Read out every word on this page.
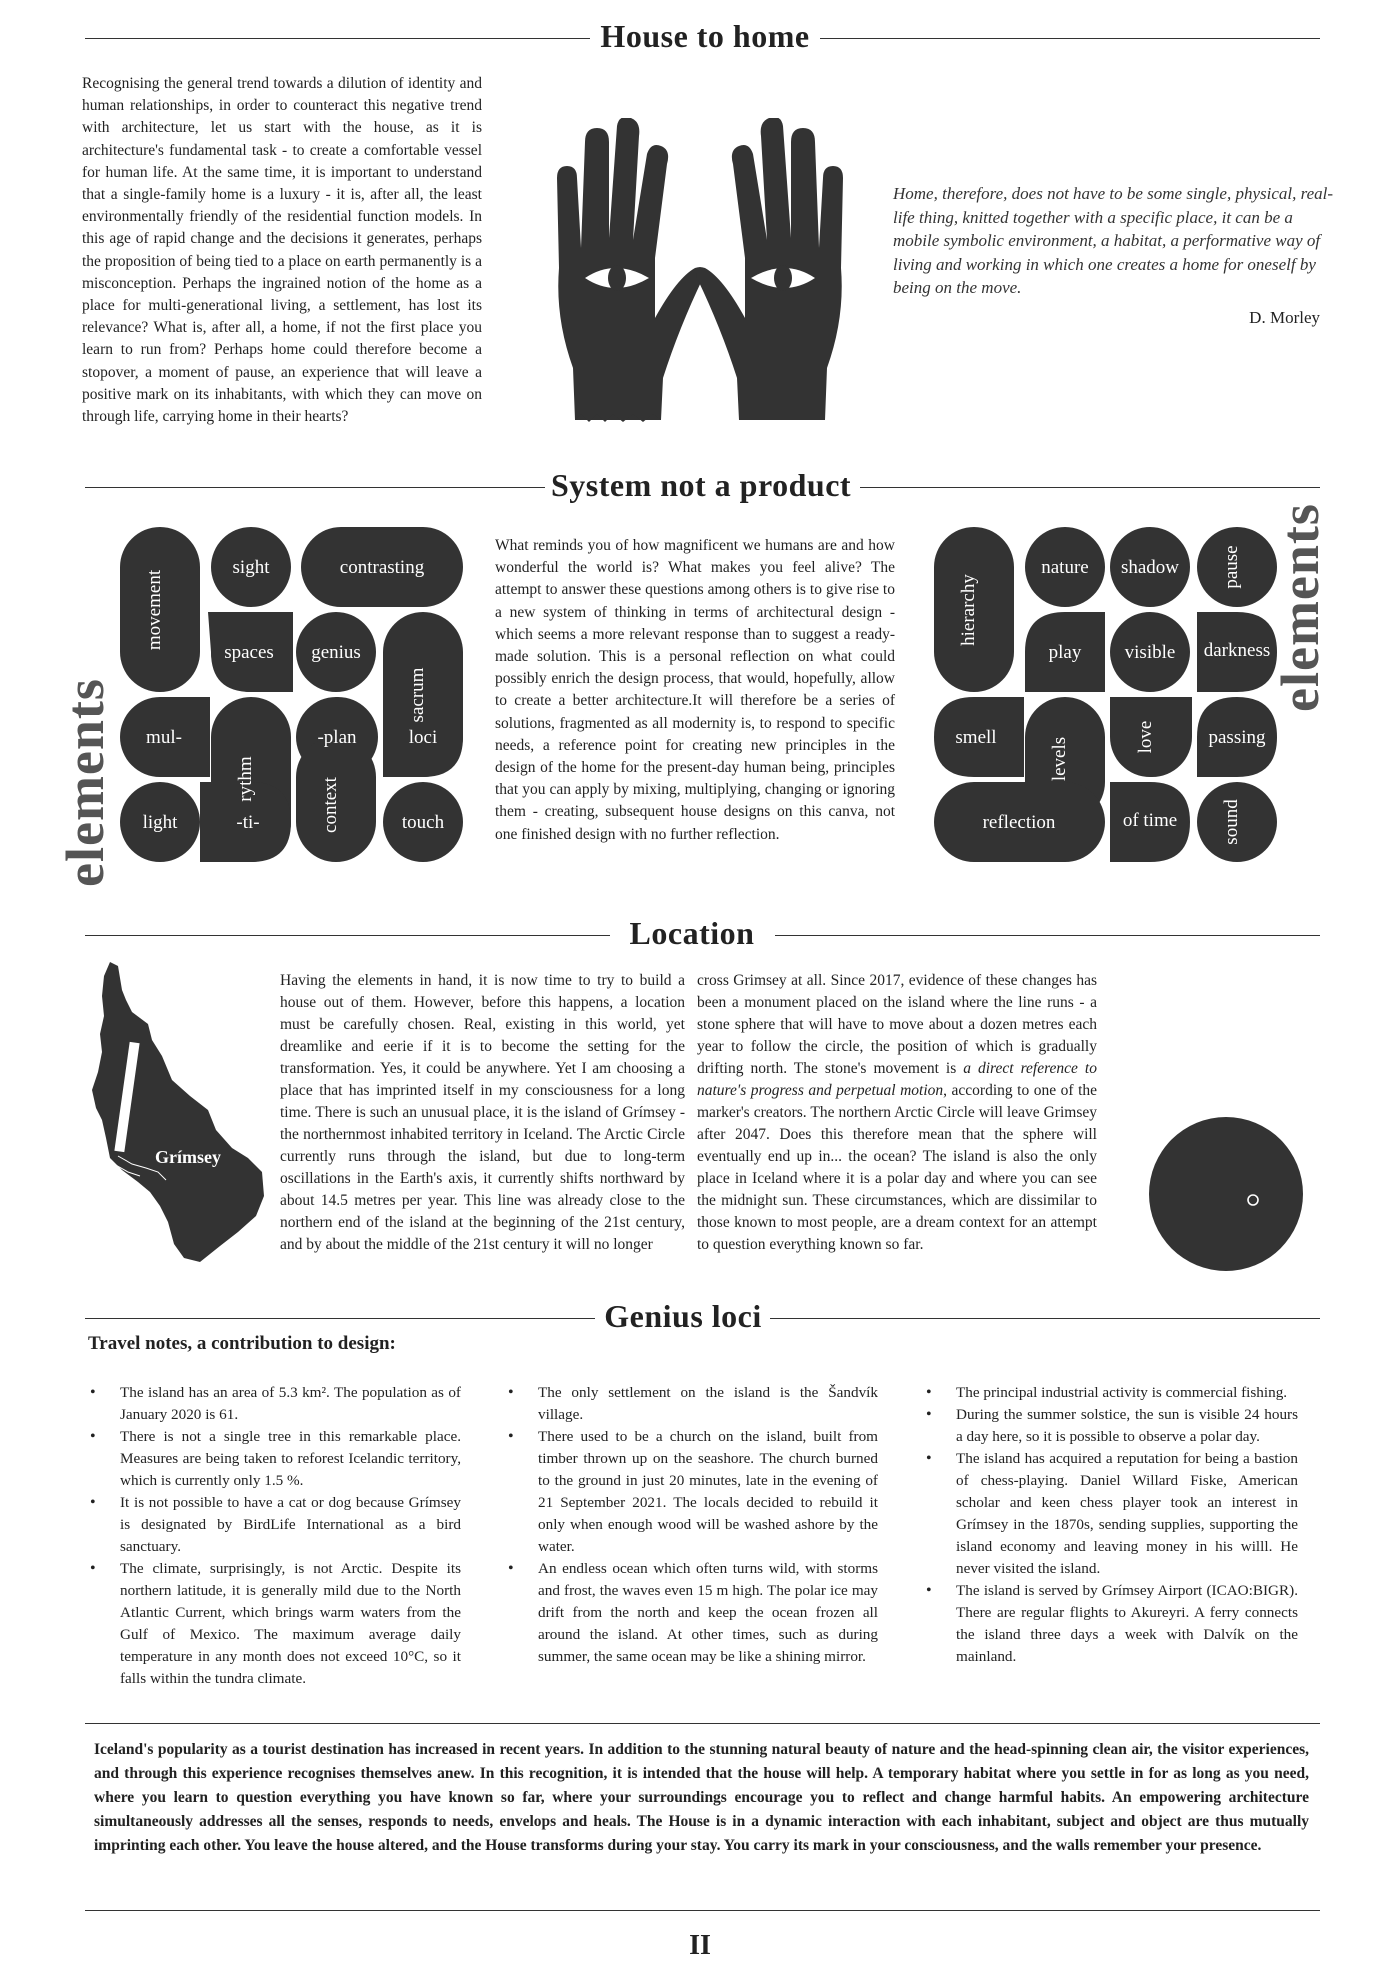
House to home
Recognising the general trend towards a dilution of identity and human relationships, in order to counteract this negative trend with architecture, let us start with the house, as it is architecture's fundamental task - to create a comfortable vessel for human life. At the same time, it is important to understand that a single-family home is a luxury - it is, after all, the least environmentally friendly of the residential function models. In this age of rapid change and the decisions it generates, perhaps the proposition of being tied to a place on earth permanently is a misconception. Perhaps the ingrained notion of the home as a place for multi-generational living, a settlement, has lost its relevance? What is, after all, a home, if not the first place you learn to run from? Perhaps home could therefore become a stopover, a moment of pause, an experience that will leave a positive mark on its inhabitants, with which they can move on through life, carrying home in their hearts?
Home, therefore, does not have to be some single, physical, real-life thing, knitted together with a specific place, it can be a mobile symbolic environment, a habitat, a performative way of living and working in which one creates a home for oneself by being on the move.
D. Morley
System not a product
movement
sight	contrasting
spaces genius
sacrum
mul-
rythm
-plan	loci
light	-ti-	context	touch
elements
What reminds you of how magnificent we humans are and how wonderful the world is? What makes you feel alive? The attempt to answer these questions among others is to give rise to a new system of thinking in terms of architectural design - which seems a more relevant response than to suggest a ready-made solution. This is a personal reflection on what could possibly enrich the design process, that would, hopefully, allow to create a better architecture.It will therefore be a series of solutions, fragmented as all modernity is, to respond to specific needs, a reference point for creating new principles in the design of the home for the present-day human being, principles that you can apply by mixing, multiplying, changing or ignoring them - creating, subsequent house designs on this canva, not one finished design with no further reflection.
hierarchy
nature shadow pause
play visible darkness
smell	levels	love	passing
reflection	of time sound
elements
Location
Grímsey
Having the elements in hand, it is now time to try to build a house out of them. However, before this happens, a location must be carefully chosen. Real, existing in this world, yet dreamlike and eerie if it is to become the setting for the transformation. Yes, it could be anywhere. Yet I am choosing a place that has imprinted itself in my consciousness for a long time. There is such an unusual place, it is the island of Grímsey - the northernmost inhabited territory in Iceland. The Arctic Circle currently runs through the island, but due to long-term oscillations in the Earth's axis, it currently shifts northward by about 14.5 metres per year. This line was already close to the northern end of the island at the beginning of the 21st century, and by about the middle of the 21st century it will no longer
cross Grimsey at all. Since 2017, evidence of these changes has been a monument placed on the island where the line runs - a stone sphere that will have to move about a dozen metres each year to follow the circle, the position of which is gradually drifting north. The stone's movement is a direct reference to nature's progress and perpetual motion, according to one of the marker's creators. The northern Arctic Circle will leave Grimsey after 2047. Does this therefore mean that the sphere will eventually end up in... the ocean? The island is also the only place in Iceland where it is a polar day and where you can see the midnight sun. These circumstances, which are dissimilar to those known to most people, are a dream context for an attempt to question everything known so far.
Genius loci
Travel notes, a contribution to design:
• The island has an area of 5.3 km². The population as of January 2020 is 61.
• There is not a single tree in this remarkable place. Measures are being taken to reforest Icelandic territory, which is currently only 1.5 %.
• It is not possible to have a cat or dog because Grímsey is designated by BirdLife International as a bird sanctuary.
• The climate, surprisingly, is not Arctic. Despite its northern latitude, it is generally mild due to the North Atlantic Current, which brings warm waters from the Gulf of Mexico. The maximum average daily temperature in any month does not exceed 10°C, so it falls within the tundra climate.
• The only settlement on the island is the Šandvík village.
• There used to be a church on the island, built from timber thrown up on the seashore. The church burned to the ground in just 20 minutes, late in the evening of 21 September 2021. The locals decided to rebuild it only when enough wood will be washed ashore by the water.
• An endless ocean which often turns wild, with storms and frost, the waves even 15 m high. The polar ice may drift from the north and keep the ocean frozen all around the island. At other times, such as during summer, the same ocean may be like a shining mirror.
• The principal industrial activity is commercial fishing.
• During the summer solstice, the sun is visible 24 hours a day here, so it is possible to observe a polar day.
• The island has acquired a reputation for being a bastion of chess-playing. Daniel Willard Fiske, American scholar and keen chess player took an interest in Grímsey in the 1870s, sending supplies, supporting the island economy and leaving money in his willl. He never visited the island.
• The island is served by Grímsey Airport (ICAO:BIGR). There are regular flights to Akureyri. A ferry connects the island three days a week with Dalvík on the mainland.
Iceland's popularity as a tourist destination has increased in recent years. In addition to the stunning natural beauty of nature and the head-spinning clean air, the visitor experiences, and through this experience recognises themselves anew. In this recognition, it is intended that the house will help. A temporary habitat where you settle in for as long as you need, where you learn to question everything you have known so far, where your surroundings encourage you to reflect and change harmful habits. An empowering architecture simultaneously addresses all the senses, responds to needs, envelops and heals. The House is in a dynamic interaction with each inhabitant, subject and object are thus mutually imprinting each other. You leave the house altered, and the House transforms during your stay. You carry its mark in your consciousness, and the walls remember your presence.
II
